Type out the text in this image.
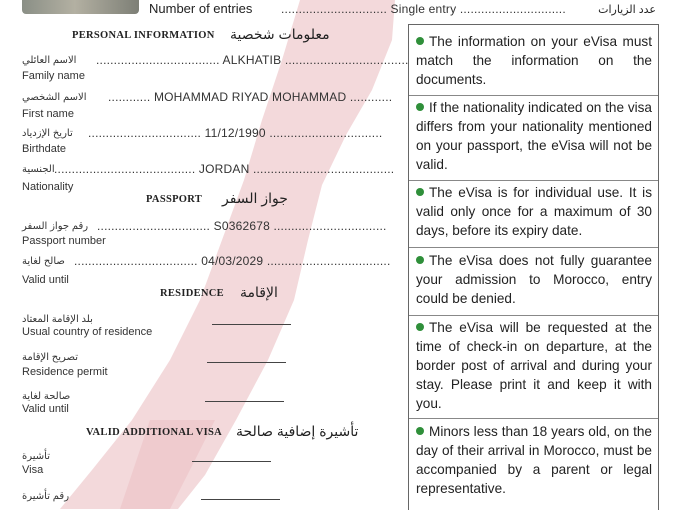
Number of entries .............................. Single entry ..............................	عدد الزيارات
PERSONAL INFORMATION معلومات شخصية
الاسم العائلي ................................... ALKHATIB ...................................
Family name
الاسم الشخصي ............ MOHAMMAD RIYAD MOHAMMAD ............
First name
تاريخ الإزدياد ................................ 11/12/1990 ................................
Birthdate
الجنسية ........................................ JORDAN ........................................
Nationality
PASSPORT جواز السفر
رقم جواز السفر ................................ S0362678 ................................
Passport number
صالح لغاية ................................... 04/03/2029 ...................................
Valid until
RESIDENCE الإقامة
بلد الإقامة المعتاد
Usual country of residence
تصريح الإقامة
Residence permit
صالحة لغاية
Valid until
VALID ADDITIONAL VISA تأشيرة إضافية صالحة
تأشيرة
Visa
رقم تأشيرة

The information on your eVisa must match the information on the documents.

If the nationality indicated on the visa differs from your nationality mentioned on your passport, the eVisa will not be valid.

The eVisa is for individual use. It is valid only once for a maximum of 30 days, before its expiry date.

The eVisa does not fully guarantee your admission to Morocco, entry could be denied.

The eVisa will be requested at the time of check-in on departure, at the border post of arrival and during your stay. Please print it and keep it with you.

Minors less than 18 years old, on the day of their arrival in Morocco, must be accompanied by a parent or legal representative.
